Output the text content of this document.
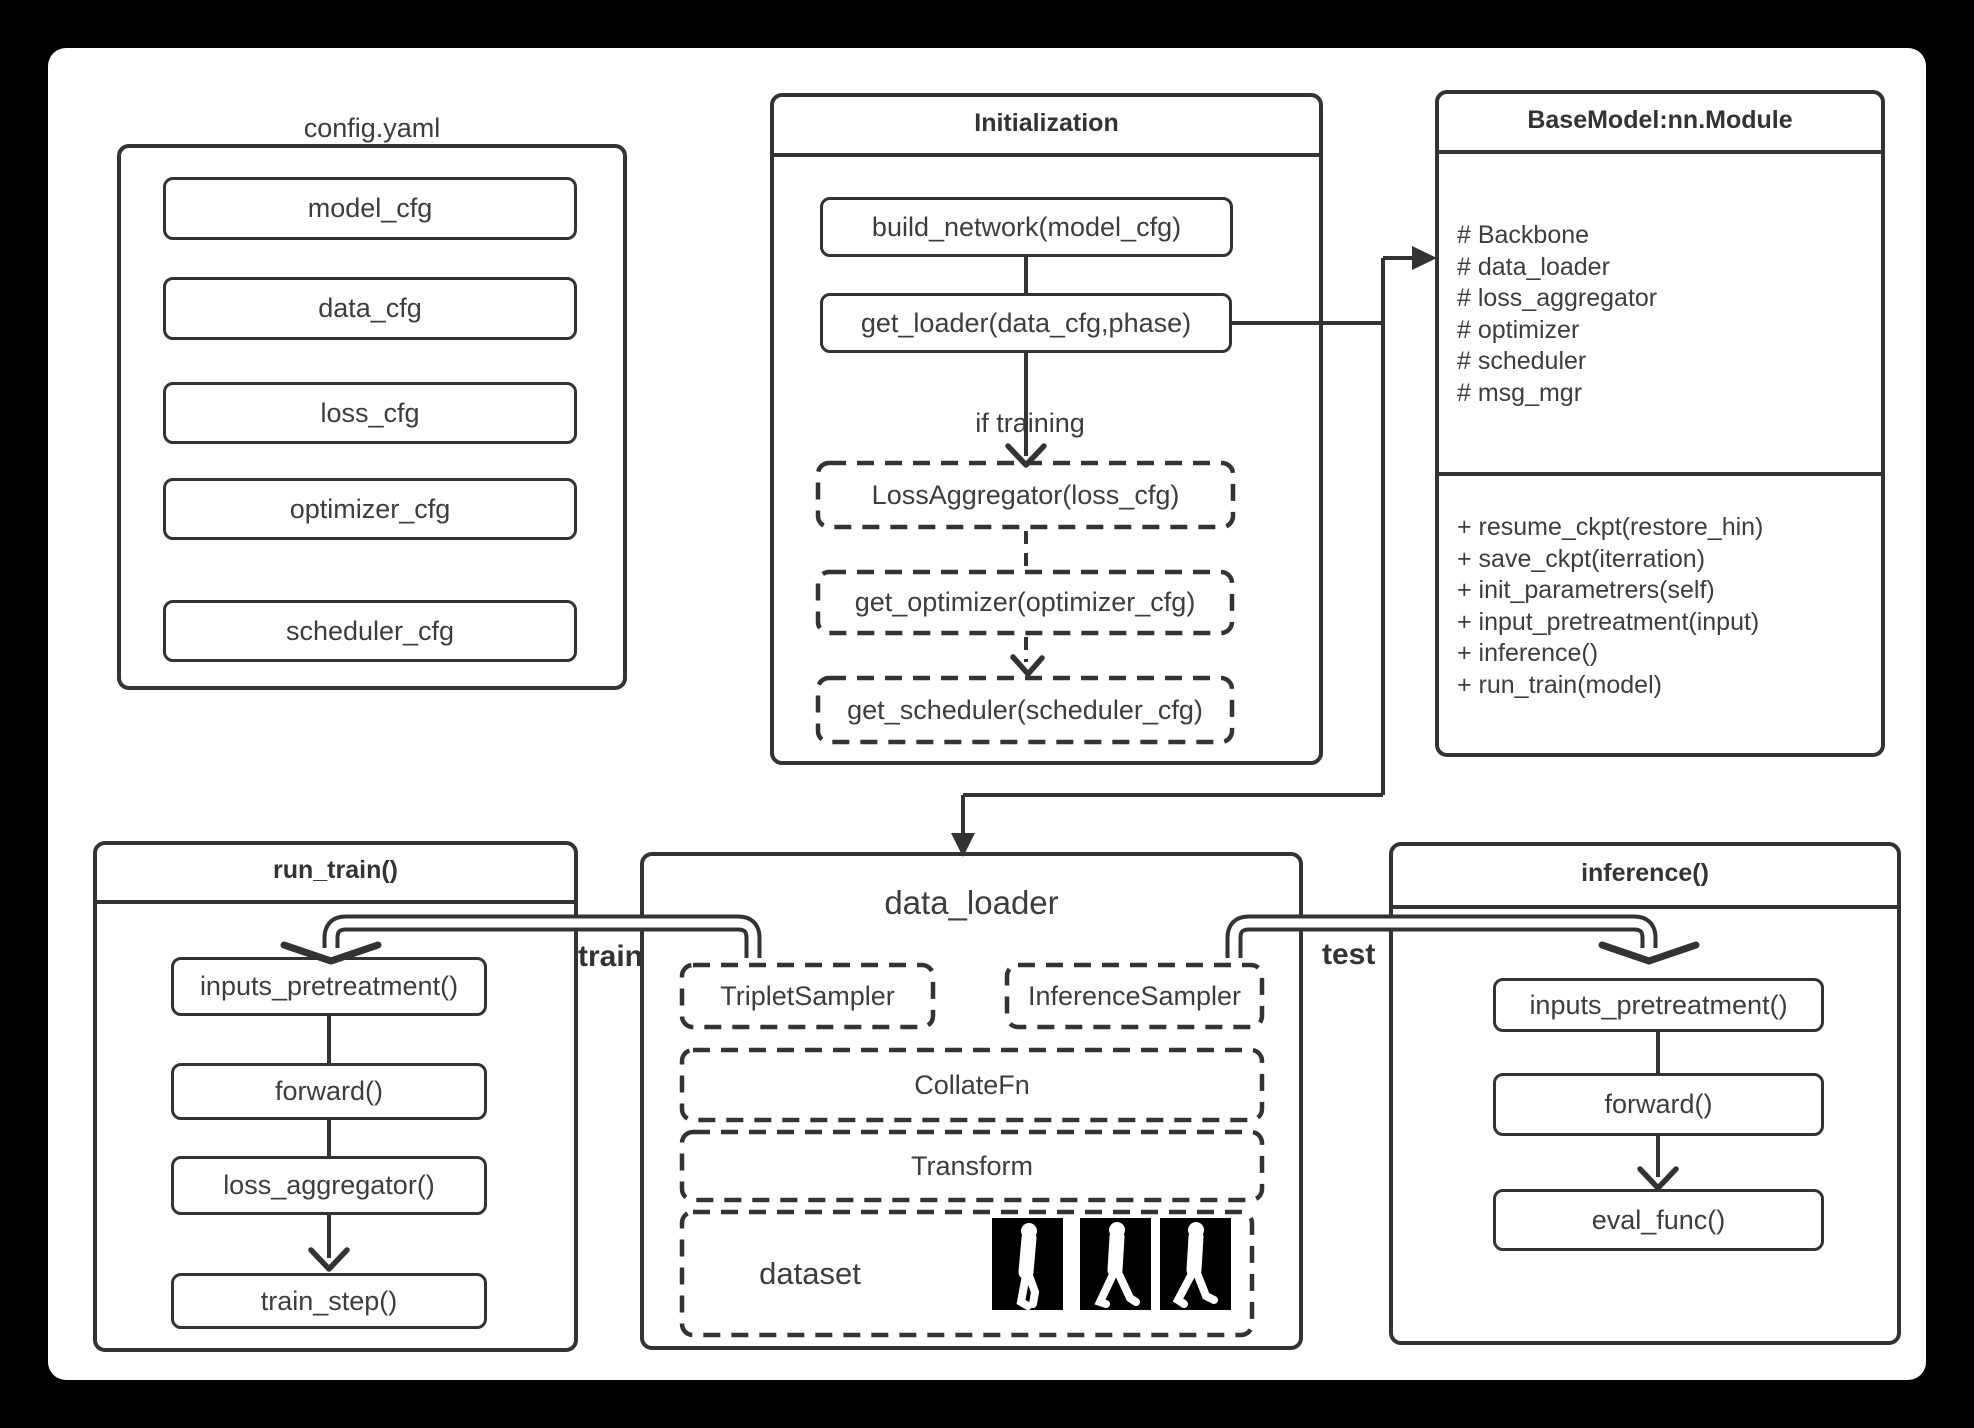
config.yaml
model_cfg
data_cfg
loss_cfg
optimizer_cfg
scheduler_cfg
Initialization
build_network(model_cfg)
get_loader(data_cfg,phase)
if training
LossAggregator(loss_cfg)
get_optimizer(optimizer_cfg)
get_scheduler(scheduler_cfg)
BaseModel:nn.Module
# Backbone
# data_loader
# loss_aggregator
# optimizer
# scheduler
# msg_mgr
+ resume_ckpt(restore_hin)
+ save_ckpt(iterration)
+ init_parametrers(self)
+ input_pretreatment(input)
+ inference()
+ run_train(model)
run_train()
inputs_pretreatment()
forward()
loss_aggregator()
train_step()
data_loader
TripletSampler	InferenceSampler
CollateFn
Transform
dataset
inference()
inputs_pretreatment()
forward()
eval_func()
train	test
